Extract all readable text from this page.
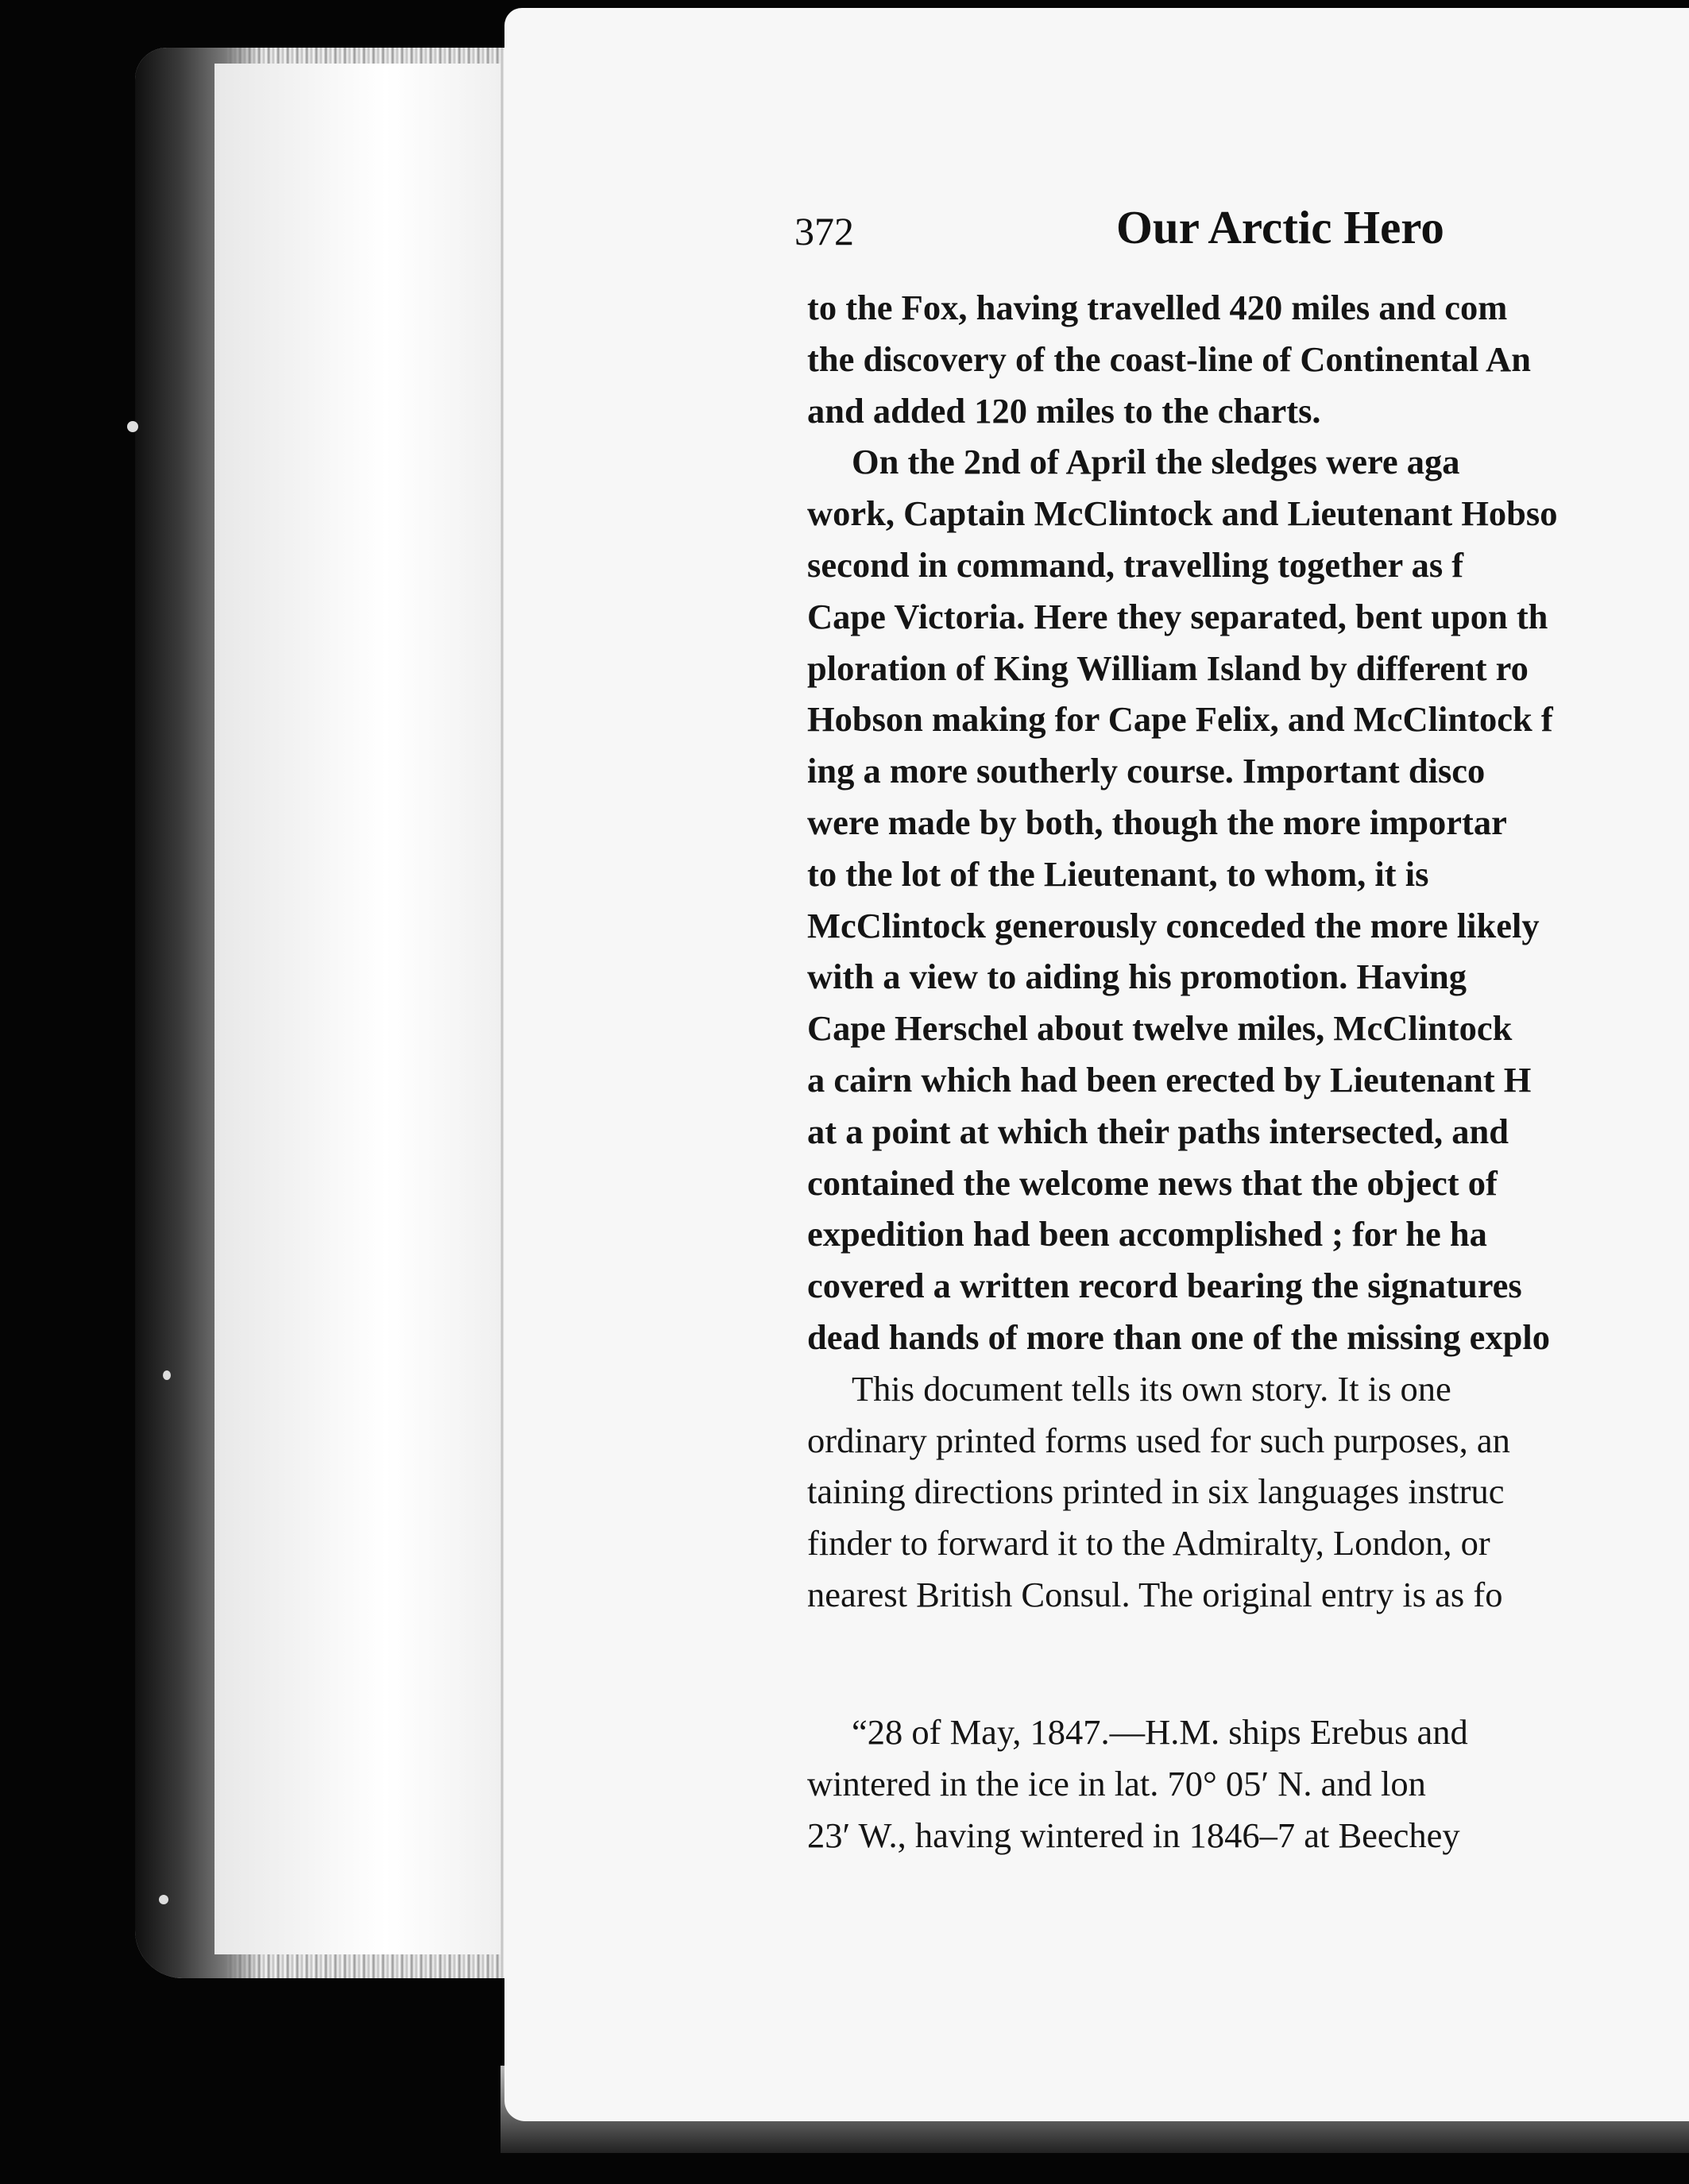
372	Our Arctic Hero
to the Fox, having travelled 420 miles and com
the discovery of the coast-line of Continental An
and added 120 miles to the charts.
On the 2nd of April the sledges were aga
work, Captain McClintock and Lieutenant Hobso
second in command, travelling together as f
Cape Victoria. Here they separated, bent upon th
ploration of King William Island by different ro
Hobson making for Cape Felix, and McClintock f
ing a more southerly course. Important disco
were made by both, though the more importar
to the lot of the Lieutenant, to whom, it is
McClintock generously conceded the more likely
with a view to aiding his promotion. Having
Cape Herschel about twelve miles, McClintock
a cairn which had been erected by Lieutenant H
at a point at which their paths intersected, and
contained the welcome news that the object of
expedition had been accomplished ; for he ha
covered a written record bearing the signatures
dead hands of more than one of the missing explo
This document tells its own story. It is one
ordinary printed forms used for such purposes, an
taining directions printed in six languages instruc
finder to forward it to the Admiralty, London, or
nearest British Consul. The original entry is as fo
“28 of May, 1847.—H.M. ships Erebus and
wintered in the ice in lat. 70° 05′ N. and lon
23′ W., having wintered in 1846–7 at Beechey
